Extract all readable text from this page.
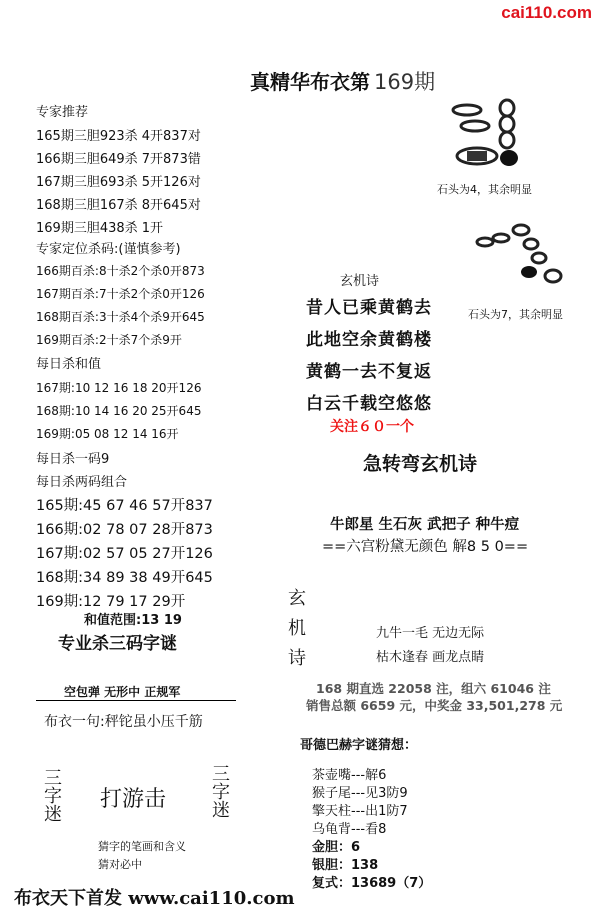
cai110.com
真精华布衣第 169期
专家推荐
165期三胆923杀 4开837对
166期三胆649杀 7开873错
167期三胆693杀 5开126对
168期三胆167杀 8开645对
169期三胆438杀 1开
专家定位杀码:(谨慎参考)
166期百杀:8十杀2个杀0开873
167期百杀:7十杀2个杀0开126
168期百杀:3十杀4个杀9开645
169期百杀:2十杀7个杀9开
每日杀和值
167期:10 12 16 18 20开126
168期:10 14 16 20 25开645
169期:05 08 12 14 16开
每日杀一码9
每日杀两码组合
165期:45 67 46 57开837
166期:02 78 07 28开873
167期:02 57 05 27开126
168期:34 89 38 49开645
169期:12 79 17 29开
和值范围:13 19
专业杀三码字谜
空包弹 无形中 正规军
布衣一句:秤铊虽小压千筋
三
字
迷
打游击
三
字
迷
猜字的笔画和含义
猜对必中
布衣天下首发 www.cai110.com
石头为4，其余明显
石头为7，其余明显
玄机诗
昔人已乘黄鹤去
此地空余黄鹤楼
黄鹤一去不复返
白云千载空悠悠
关注６０一个
急转弯玄机诗
牛郎星 生石灰 武把子 种牛痘
==六宫粉黛无颜色 解8 5 0==
玄
机
诗
九牛一毛 无边无际
枯木逢春 画龙点睛
168 期直选 22058 注，组六 61046 注
销售总额 6659 元，中奖金 33,501,278 元
哥德巴赫字谜猜想：
茶壶嘴---解6
猴子尾---见3防9
擎天柱---出1防7
乌龟背---看8
金胆：6
银胆：138
复式：13689（7）
